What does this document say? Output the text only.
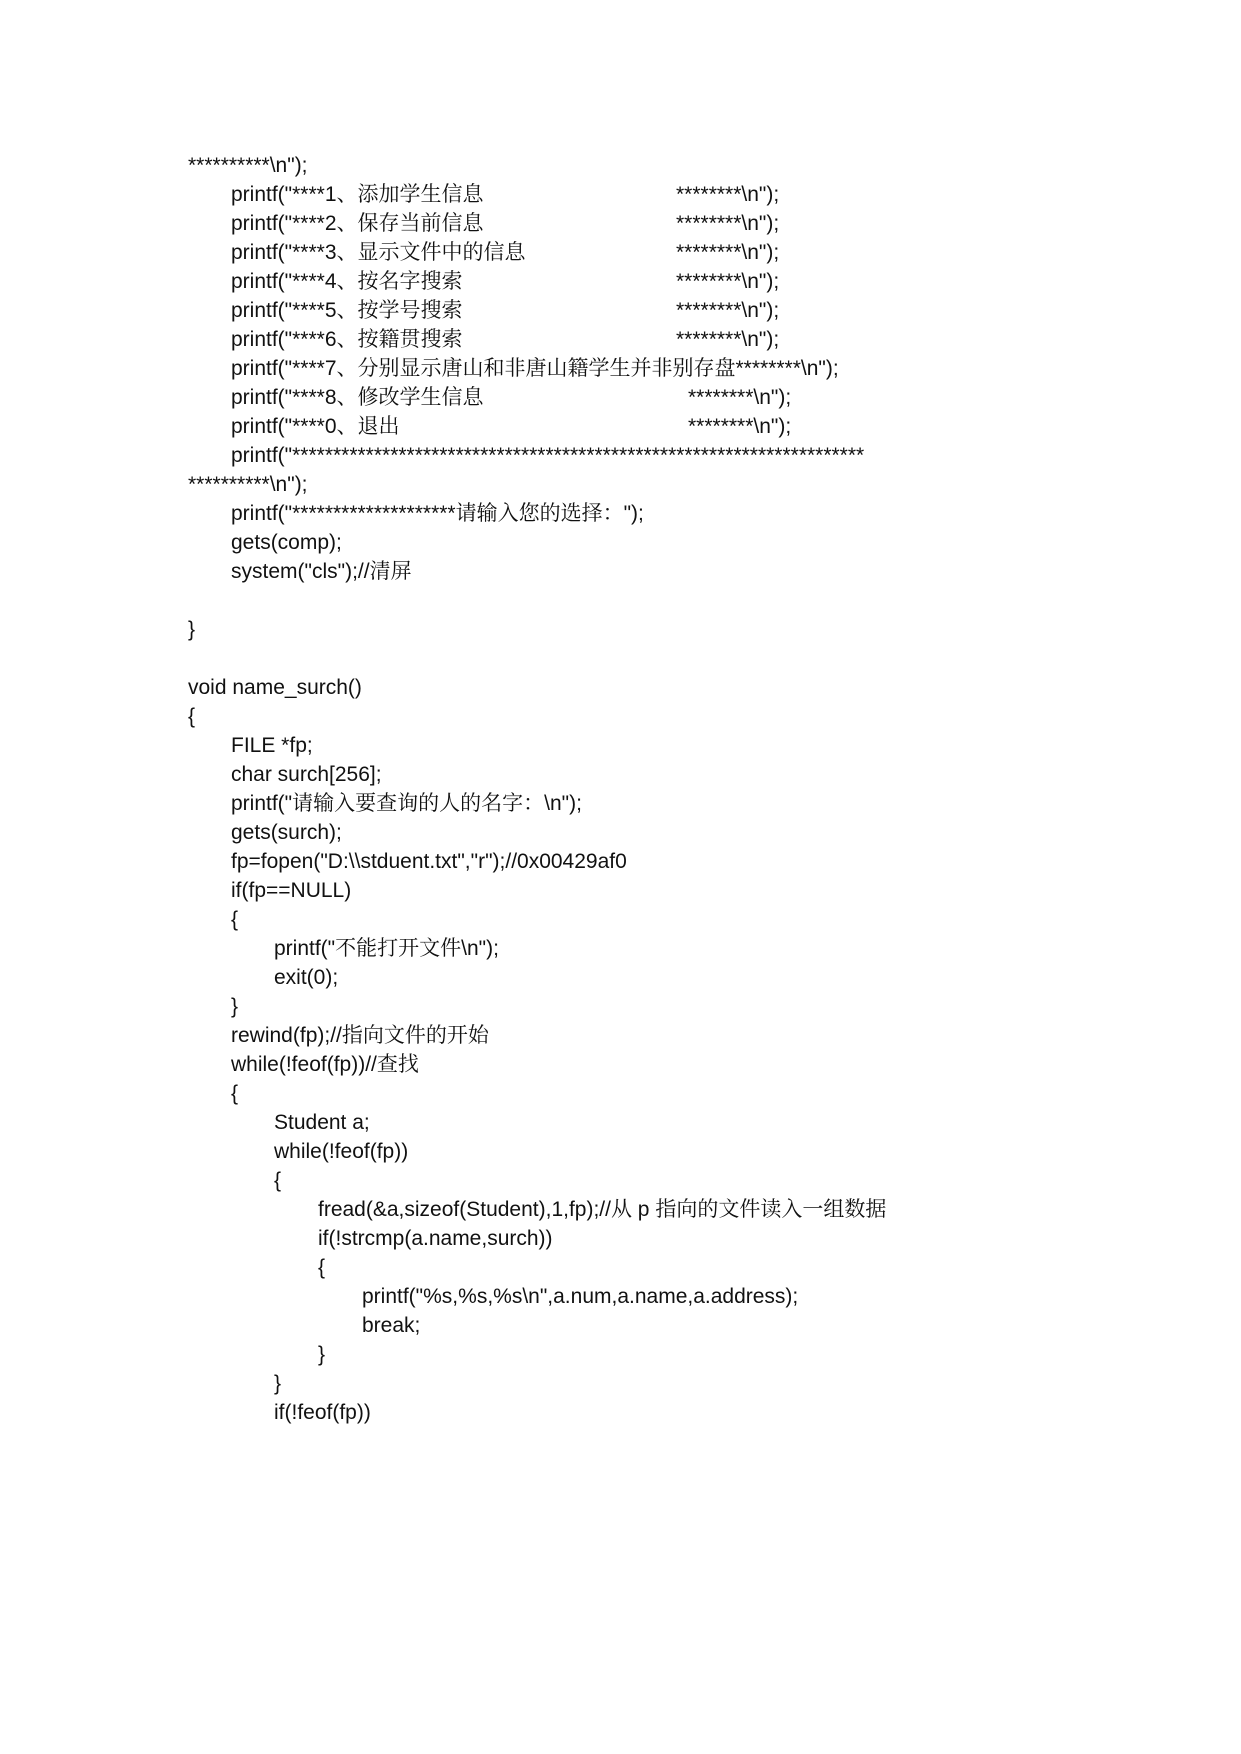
**********\n");
printf("****1、添加学生信息	********\n");
printf("****2、保存当前信息	********\n");
printf("****3、显示文件中的信息	********\n");
printf("****4、按名字搜索	********\n");
printf("****5、按学号搜索	********\n");
printf("****6、按籍贯搜索	********\n");
printf("****7、分别显示唐山和非唐山籍学生并非别存盘********\n");
printf("****8、修改学生信息	********\n");
printf("****0、退出	********\n");
printf("**********************************************************************
**********\n");
printf("********************请输入您的选择：");
gets(comp);
system("cls");//清屏
}
void name_surch()
{
FILE *fp;
char surch[256];
printf("请输入要查询的人的名字：\n");
gets(surch);
fp=fopen("D:\\stduent.txt","r");//0x00429af0
if(fp==NULL)
{
printf("不能打开文件\n");
exit(0);
}
rewind(fp);//指向文件的开始
while(!feof(fp))//查找
{
Student a;
while(!feof(fp))
{
fread(&a,sizeof(Student),1,fp);//从 p 指向的文件读入一组数据
if(!strcmp(a.name,surch))
{
printf("%s,%s,%s\n",a.num,a.name,a.address);
break;
}
}
if(!feof(fp))
